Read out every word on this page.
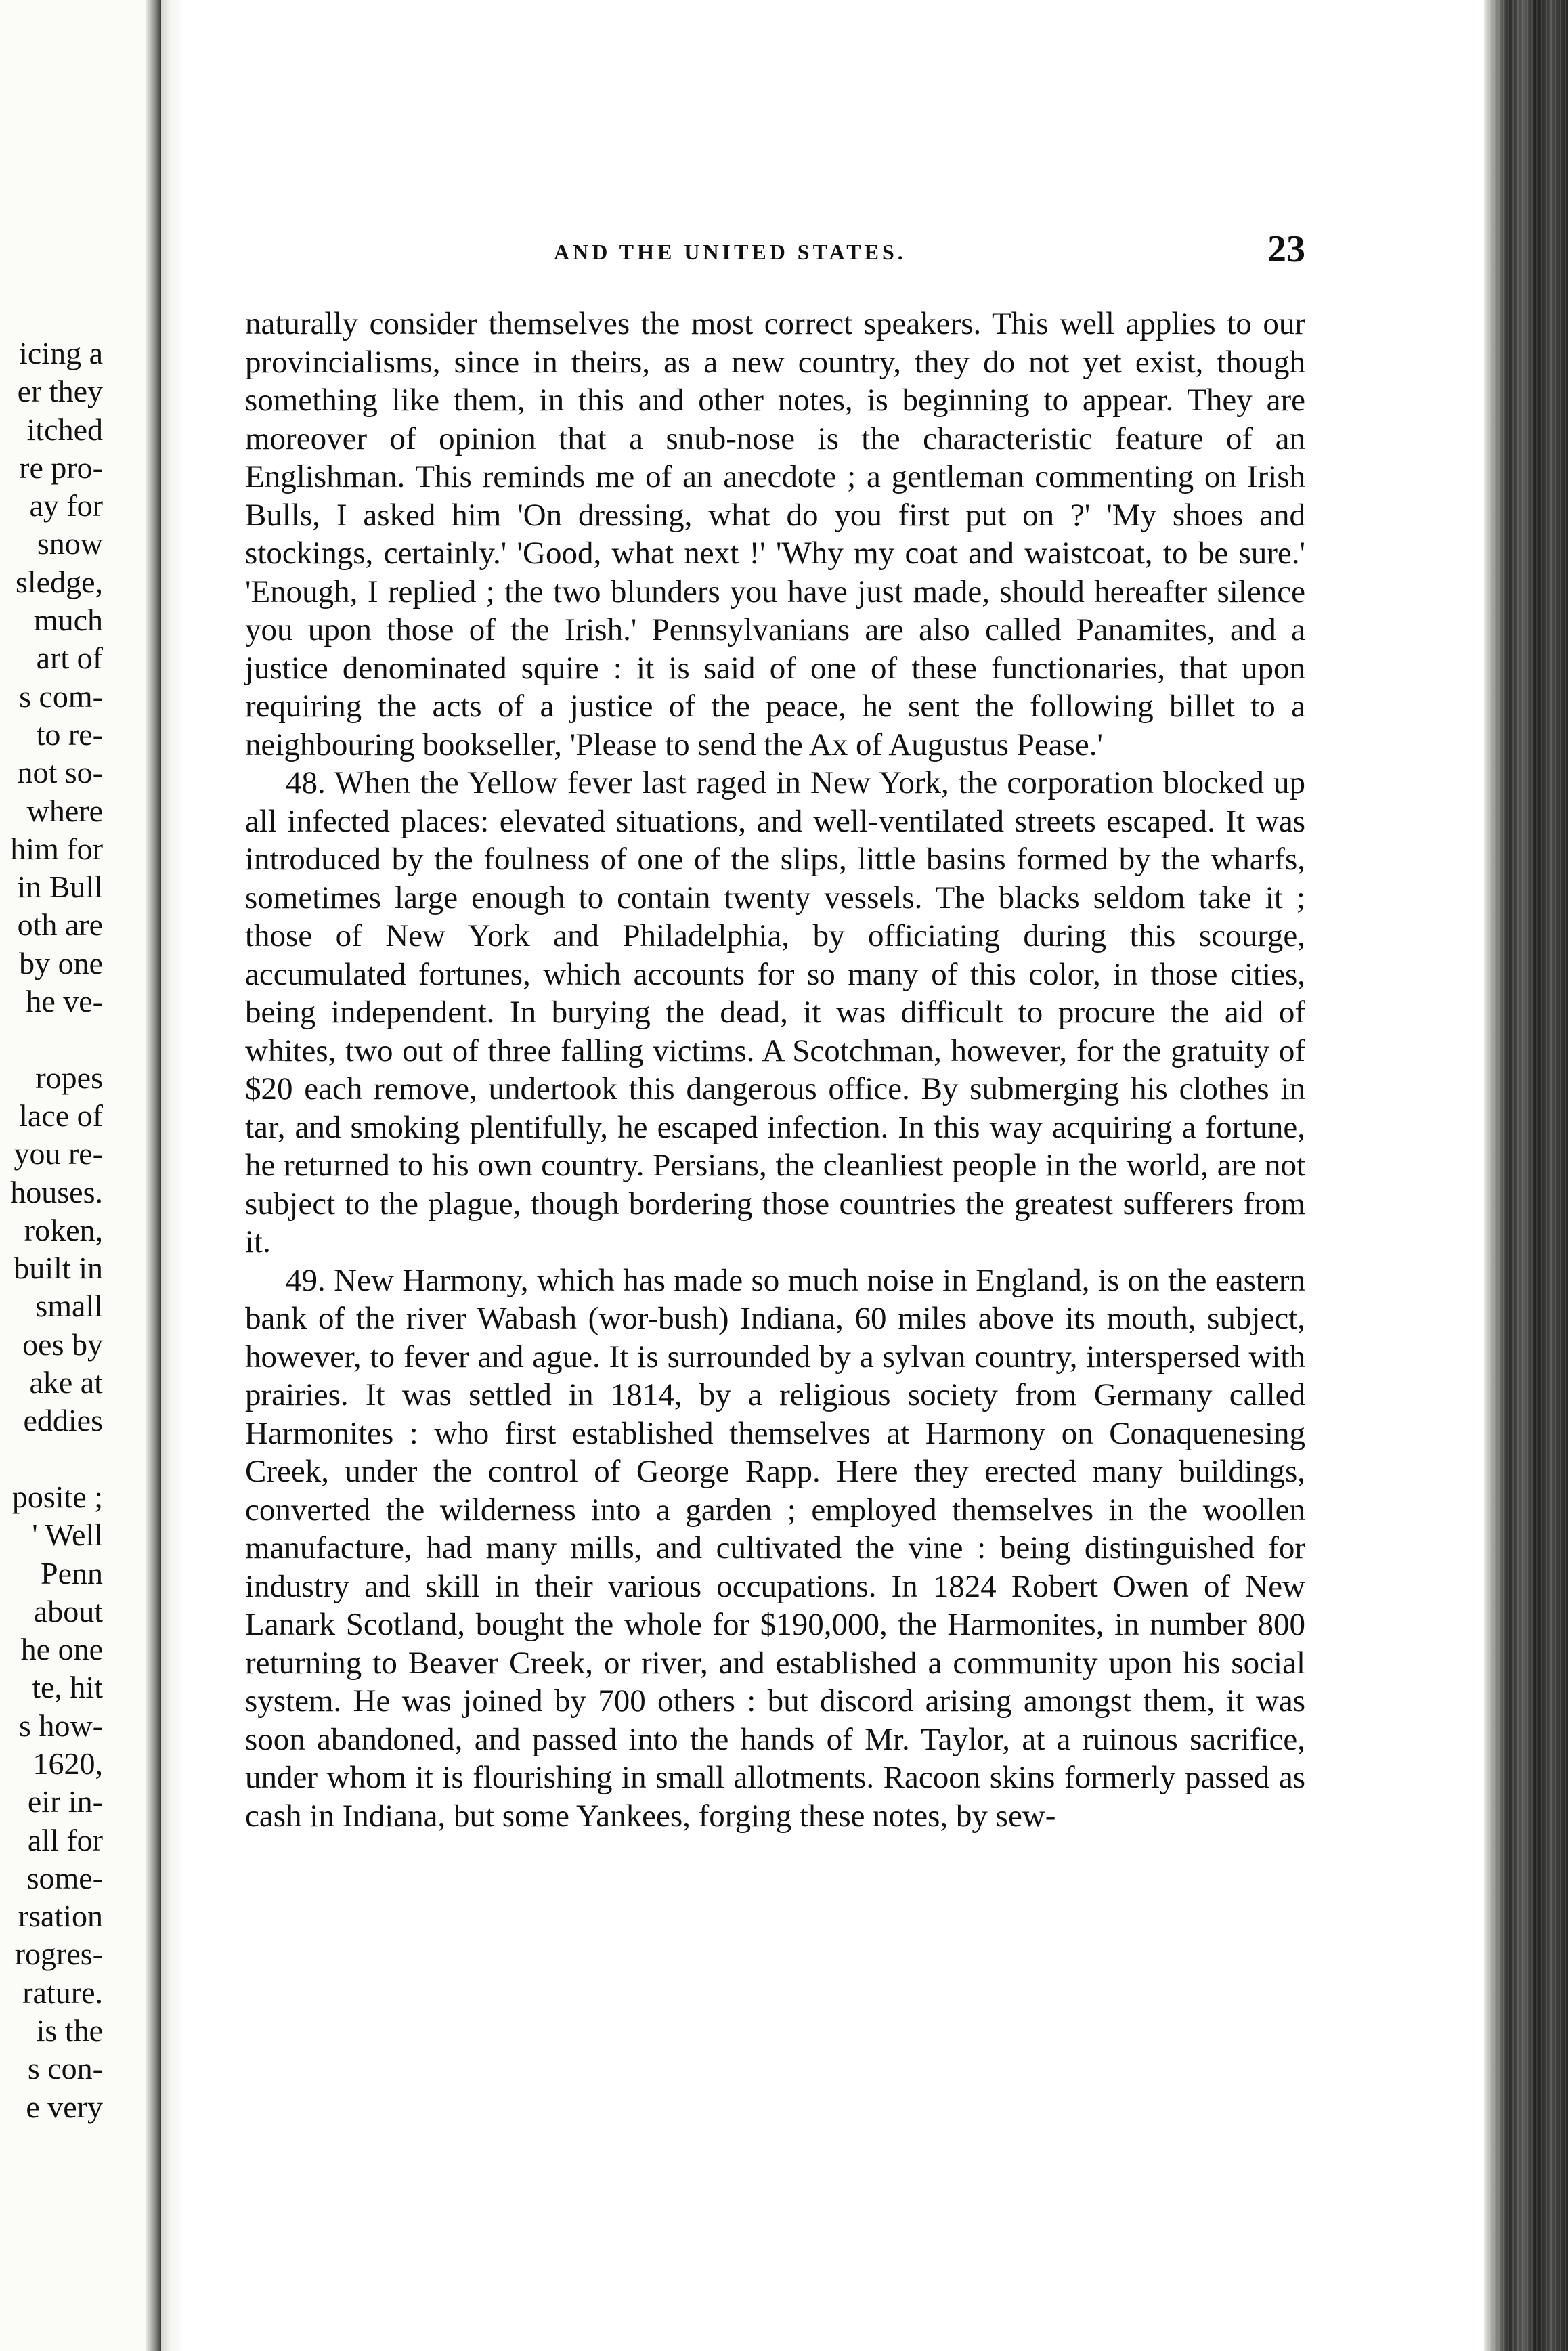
icing a
er they
itched
re pro-
ay for
snow
sledge,
much
art of
s com-
to re-
not so-
where
him for
in Bull
oth are
by one
he ve-
ropes
lace of
you re-
houses.
roken,
built in
small
oes by
ake at
eddies
posite ;
' Well
Penn
about
he one
te, hit
s how-
1620,
eir in-
all for
some-
rsation
rogres-
rature.
is the
s con-
e very
AND THE UNITED STATES.	23

naturally consider themselves the most correct speakers. This well applies to our provincialisms, since in theirs, as a new country, they do not yet exist, though something like them, in this and other notes, is beginning to appear. They are moreover of opinion that a snub-nose is the characteristic feature of an Englishman. This reminds me of an anecdote ; a gentleman commenting on Irish Bulls, I asked him 'On dressing, what do you first put on ?' 'My shoes and stockings, certainly.' 'Good, what next !' 'Why my coat and waistcoat, to be sure.' 'Enough, I replied ; the two blunders you have just made, should hereafter silence you upon those of the Irish.' Pennsylvanians are also called Panamites, and a justice denominated squire : it is said of one of these functionaries, that upon requiring the acts of a justice of the peace, he sent the following billet to a neighbouring bookseller, 'Please to send the Ax of Augustus Pease.'

48. When the Yellow fever last raged in New York, the corporation blocked up all infected places: elevated situations, and well-ventilated streets escaped. It was introduced by the foulness of one of the slips, little basins formed by the wharfs, sometimes large enough to contain twenty vessels. The blacks seldom take it ; those of New York and Philadelphia, by officiating during this scourge, accumulated fortunes, which accounts for so many of this color, in those cities, being independent. In burying the dead, it was difficult to procure the aid of whites, two out of three falling victims. A Scotchman, however, for the gratuity of $20 each remove, undertook this dangerous office. By submerging his clothes in tar, and smoking plentifully, he escaped infection. In this way acquiring a fortune, he returned to his own country. Persians, the cleanliest people in the world, are not subject to the plague, though bordering those countries the greatest sufferers from it.

49. New Harmony, which has made so much noise in England, is on the eastern bank of the river Wabash (wor-bush) Indiana, 60 miles above its mouth, subject, however, to fever and ague. It is surrounded by a sylvan country, interspersed with prairies. It was settled in 1814, by a religious society from Germany called Harmonites : who first established themselves at Harmony on Conaquenesing Creek, under the control of George Rapp. Here they erected many buildings, converted the wilderness into a garden ; employed themselves in the woollen manufacture, had many mills, and cultivated the vine : being distinguished for industry and skill in their various occupations. In 1824 Robert Owen of New Lanark Scotland, bought the whole for $190,000, the Harmonites, in number 800 returning to Beaver Creek, or river, and established a community upon his social system. He was joined by 700 others : but discord arising amongst them, it was soon abandoned, and passed into the hands of Mr. Taylor, at a ruinous sacrifice, under whom it is flourishing in small allotments. Racoon skins formerly passed as cash in Indiana, but some Yankees, forging these notes, by sew-
